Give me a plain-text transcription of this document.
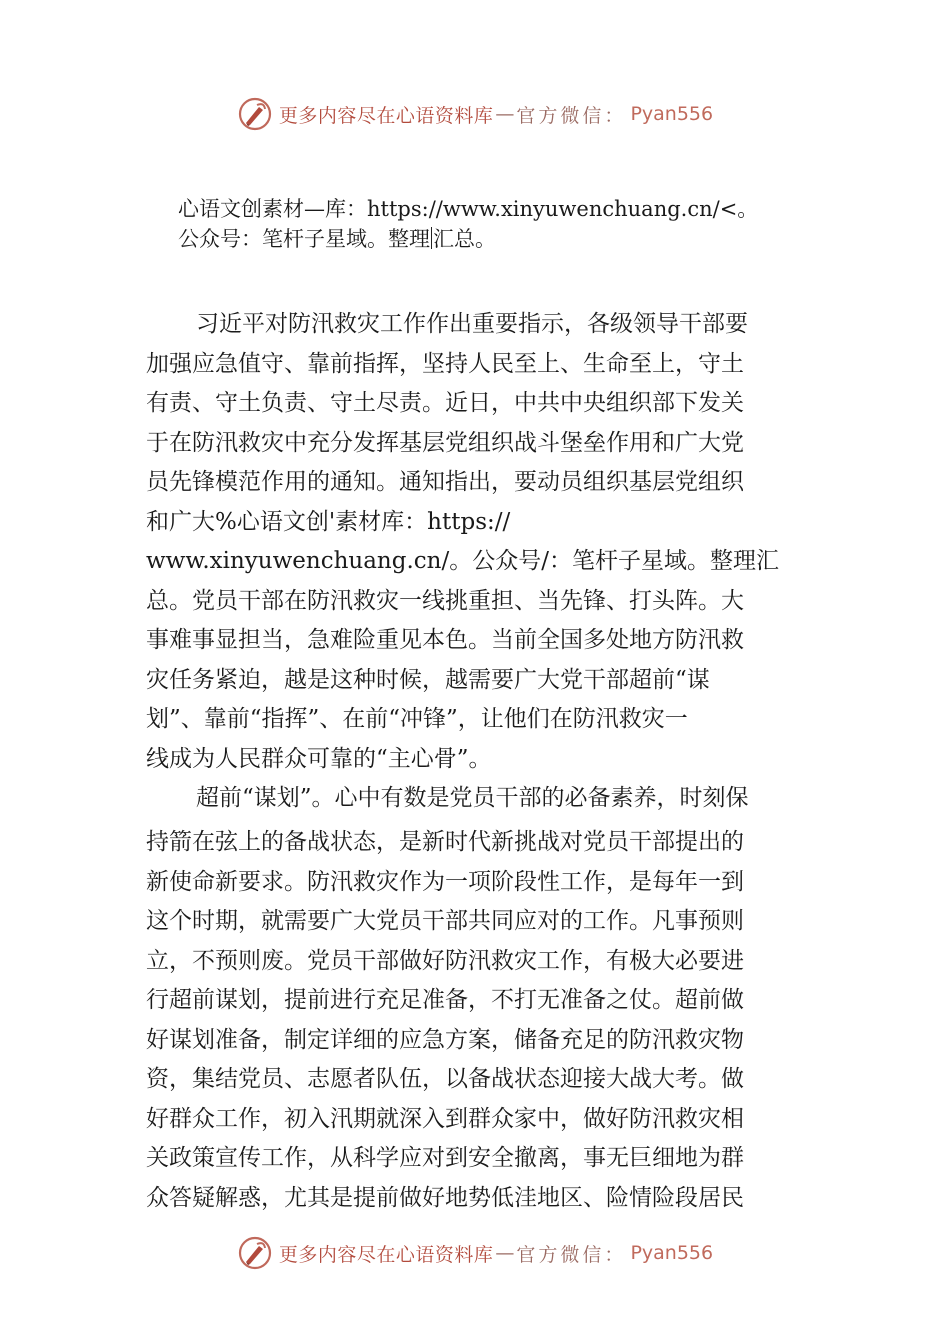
更多内容尽在心语资料库 — 官方微信： Pyan556
心语文创素材—库：https://www.xinyuwenchuang.cn/<。
公众号：笔杆子星域。整理 汇总。
习近平对防汛救灾工作作出重要指示，各级领导干部要
加强应急值守、靠前指挥，坚持人民至上、生命至上，守土
有责、守土负责、守土尽责。近日，中共中央组织部下发关
于在防汛救灾中充分发挥基层党组织战斗堡垒作用和广大党
员先锋模范作用的通知。通知指出，要动员组织基层党组织
和广大%心语文创'素材库：https://
www.xinyuwenchuang.cn/。公众号/：笔杆子星域。整理汇
总。党员干部在防汛救灾一线挑重担、当先锋、打头阵。大
事难事显担当，急难险重见本色。当前全国多处地方防汛救
灾任务紧迫，越是这种时候，越需要广大党干部超前“谋
划”、靠前“指挥”、在前“冲锋”，让他们在防汛救灾一
线成为人民群众可靠的“主心骨”。
超前“谋划”。心中有数是党员干部的必备素养，时刻保
持箭在弦上的备战状态，是新时代新挑战对党员干部提出的
新使命新要求。防汛救灾作为一项阶段性工作，是每年一到
这个时期，就需要广大党员干部共同应对的工作。凡事预则
立，不预则废。党员干部做好防汛救灾工作，有极大必要进
行超前谋划，提前进行充足准备，不打无准备之仗。超前做
好谋划准备，制定详细的应急方案，储备充足的防汛救灾物
资，集结党员、志愿者队伍，以备战状态迎接大战大考。做
好群众工作，初入汛期就深入到群众家中，做好防汛救灾相
关政策宣传工作，从科学应对到安全撤离，事无巨细地为群
众答疑解惑，尤其是提前做好地势低洼地区、险情险段居民
更多内容尽在心语资料库 — 官方微信： Pyan556
